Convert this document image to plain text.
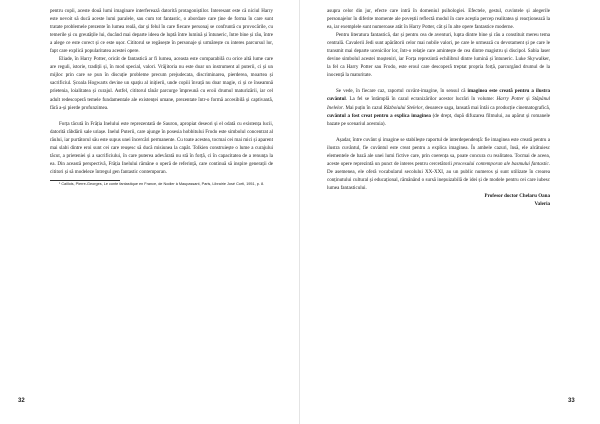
pentru copii, aceste două lumi imaginare interferează datorită protagoniștilor. Interesant este că niciul Harry este nevoit să ducă aceste lumi paralele, sau cum tot fantastic, o abordare care ține de forma în care sunt tratate problemele prezente în lumea reală, dar și felul în care fiecare personaj se confruntă cu provocările, cu temerile și cu greutățile lui, ducând mai departe ideea de luptă între lumină și întuneric, între bine și rău, între a alege ce este corect și ce este ușor. Cititorul se regăsește în personaje și urmărește cu interes parcursul lor, fapt care explică popularitatea acestei opere.

Eliade, în Harry Potter, oricât de fantastică ar fi lumea, aceasta este comparabilă cu orice altă lume care are reguli, istorie, tradiții și, în mod special, valori. Vrăjitoria nu este doar un instrument al puterii, ci și un mijloc prin care se pun în discuție probleme precum prejudecata, discriminarea, pierderea, moartea și sacrificiul. Școala Hogwarts devine un spațiu al inițierii, unde copiii învață nu doar magie, ci și ce înseamnă prietenia, loialitatea și curajul. Astfel, cititorul tânăr parcurge împreună cu eroii drumul maturizării, iar cel adult redescoperă temele fundamentale ale existenței umane, prezentate într-o formă accesibilă și captivantă, fără a-și pierde profunzimea.

Forța tăcută în Frăția Inelului este reprezentată de Sauron, apropiat deseori și el odată cu existența lucii, datorită răbdării sale uriașe. Inelul Puterii, care ajunge în posesia hobbitului Frodo este simbolul concentrat al răului, iar purtătorul său este supus unei încercări permanente. Cu toate acestea, tocmai cei mai mici și aparent mai slabi dintre eroi sunt cei care reușesc să ducă misiunea la capăt. Tolkien construiește o lume a curajului tăcut, a prieteniei și a sacrificiului, în care puterea adevărată nu stă în forță, ci în capacitatea de a renunța la ea. Din această perspectivă, Frăția Inelului rămâne o operă de referință, care continuă să inspire generații de cititori și să modeleze întregul gen fantastic contemporan.

¹ Caillois, Pierre-Georges, Le conte fantastique en France, de Nodier à Maupassant, Paris, Librairie José Corti, 1951, p. 8.

32

asupra celor din jur, efecte care intră în domeniul psihologiei. Efectele, gestul, cuvintele și alegerile personajelor în diferite momente ale poveștii reflectă modul în care aceștia percep realitatea și reacționează la ea, iar exemplele sunt numeroase atât în Harry Potter, cât și în alte opere fantastice moderne.

Pentru literatura fantastică, dar și pentru cea de aventuri, lupta dintre bine și rău a constituit mereu tema centrală. Cavalerii Jedi sunt apărătorii celor mai nobile valori, pe care le urmează cu devotament și pe care le transmit mai departe ucenicilor lor, într-o relație care amintește de cea dintre magistru și discipol. Sabia laser devine simbolul acestei moșteniri, iar Forța reprezintă echilibrul dintre lumină și întuneric. Luke Skywalker, la fel ca Harry Potter sau Frodo, este eroul care descoperă treptat propria forță, parcurgând drumul de la inocență la maturitate.

Se vede, în fiecare caz, raportul cuvânt-imagine, în sensul că imaginea este creată pentru a ilustra cuvântul. La fel se întâmplă în cazul ecranizărilor acestor lucrări în volume: Harry Potter și Stăpânul Inelelor. Mai puțin în cazul Războiului Stelelor, deoarece saga, lansată mai întâi ca producție cinematografică, cuvântul a fost creat pentru a explica imaginea (de drept, după difuzarea filmului, au apărut și romanele bazate pe scenariul acestuia).

Așadar, între cuvânt și imagine se stabilește raportul de interdependență: fie imaginea este creată pentru a ilustra cuvântul, fie cuvântul este creat pentru a explica imaginea. În ambele cazuri, însă, ele alcătuiesc elementele de bază ale unei lumi fictive care, prin coerența sa, poate concura cu realitatea. Tocmai de aceea, aceste opere reprezintă un punct de interes pentru cercetătorii procesului contemporan ale basmului fantastic. De asemenea, ele oferă vocabularul secolului XX-XXI, au un public numeros și sunt utilizate în crearea conținutului cultural și educațional, rămânând o sursă inepuizabilă de idei și de modele pentru cei care iubesc lumea fantasticului.

Profesor doctor Chelaru Oana
Valeria

33
